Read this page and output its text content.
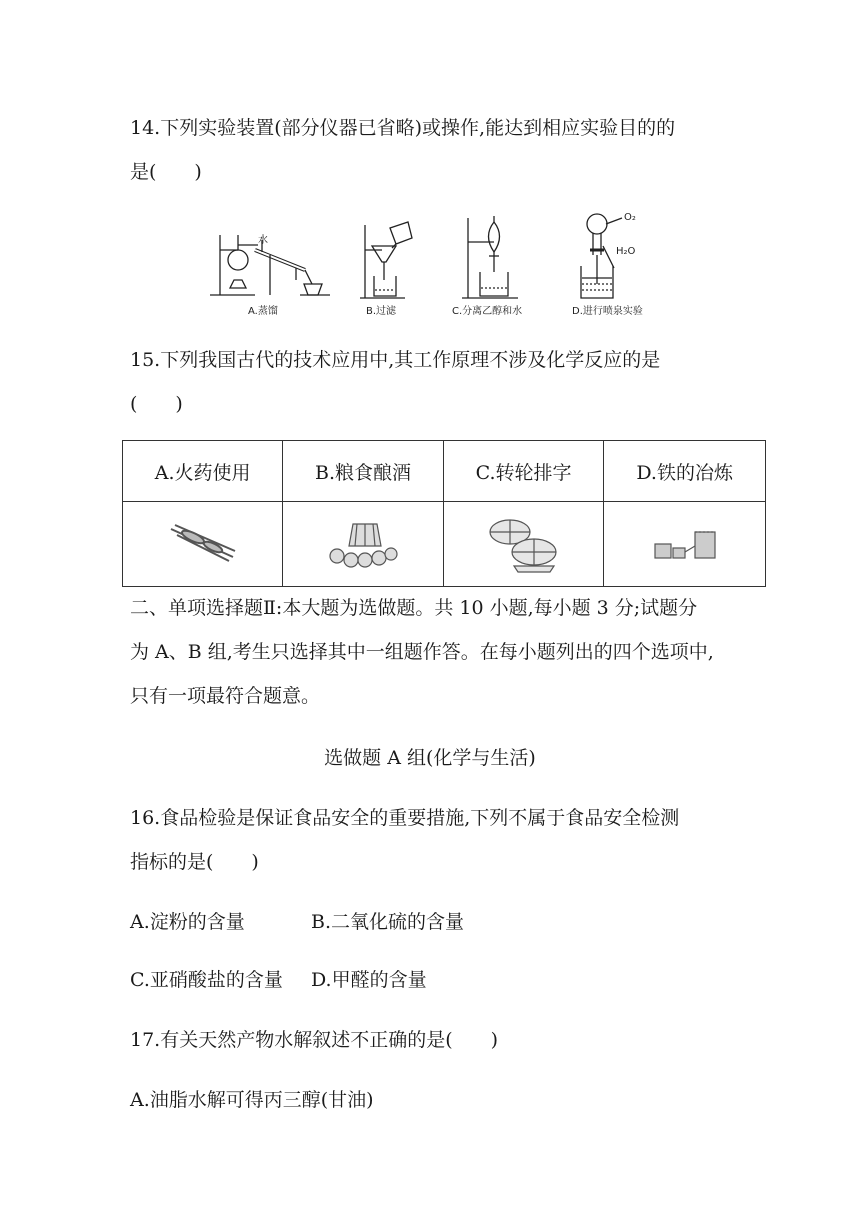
14.下列实验装置(部分仪器已省略)或操作,能达到相应实验目的的
是(　　)
水
A.蒸馏	B.过滤	C.分离乙醇和水
O₂
H₂O
D.进行喷泉实验
15.下列我国古代的技术应用中,其工作原理不涉及化学反应的是
(　　)
A.火药使用	B.粮食酿酒	C.转轮排字	D.铁的冶炼

二、单项选择题Ⅱ:本大题为选做题。共 10 小题,每小题 3 分;试题分
为 A、B 组,考生只选择其中一组题作答。在每小题列出的四个选项中,
只有一项最符合题意。
选做题 A 组(化学与生活)
16.食品检验是保证食品安全的重要措施,下列不属于食品安全检测
指标的是(　　)
A.淀粉的含量	B.二氧化硫的含量
C.亚硝酸盐的含量 D.甲醛的含量
17.有关天然产物水解叙述不正确的是(　　)
A.油脂水解可得丙三醇(甘油)
